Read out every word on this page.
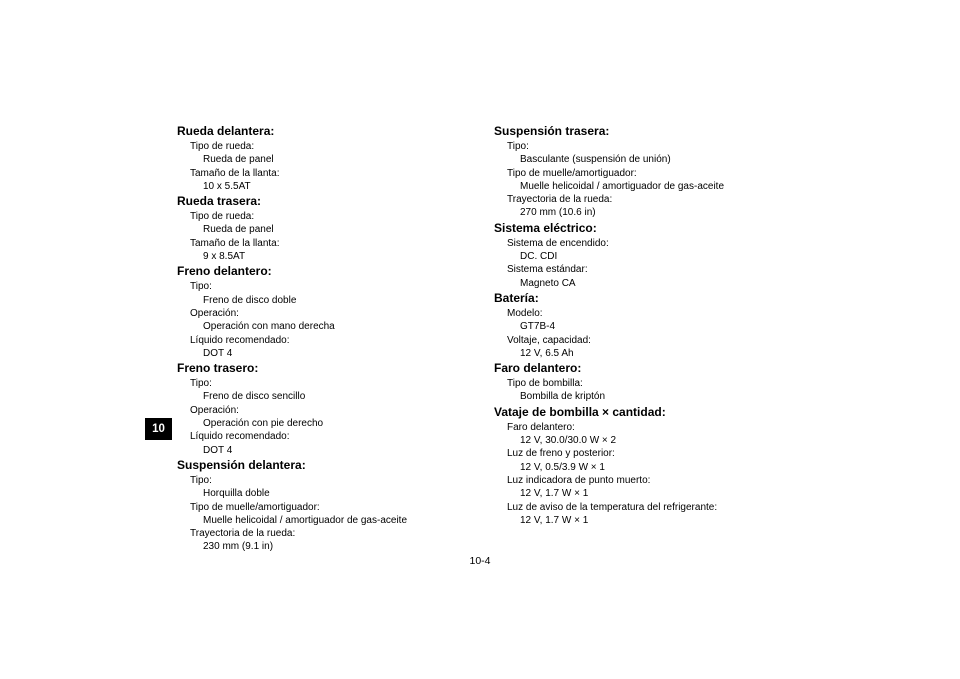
10
Rueda delantera:
Tipo de rueda:
Rueda de panel
Tamaño de la llanta:
10 x 5.5AT
Rueda trasera:
Tipo de rueda:
Rueda de panel
Tamaño de la llanta:
9 x 8.5AT
Freno delantero:
Tipo:
Freno de disco doble
Operación:
Operación con mano derecha
Líquido recomendado:
DOT 4
Freno trasero:
Tipo:
Freno de disco sencillo
Operación:
Operación con pie derecho
Líquido recomendado:
DOT 4
Suspensión delantera:
Tipo:
Horquilla doble
Tipo de muelle/amortiguador:
Muelle helicoidal / amortiguador de gas-aceite
Trayectoria de la rueda:
230 mm (9.1 in)
Suspensión trasera:
Tipo:
Basculante (suspensión de unión)
Tipo de muelle/amortiguador:
Muelle helicoidal / amortiguador de gas-aceite
Trayectoria de la rueda:
270 mm (10.6 in)
Sistema eléctrico:
Sistema de encendido:
DC. CDI
Sistema estándar:
Magneto CA
Batería:
Modelo:
GT7B-4
Voltaje, capacidad:
12 V, 6.5 Ah
Faro delantero:
Tipo de bombilla:
Bombilla de kriptón
Vataje de bombilla × cantidad:
Faro delantero:
12 V, 30.0/30.0 W × 2
Luz de freno y posterior:
12 V, 0.5/3.9 W × 1
Luz indicadora de punto muerto:
12 V, 1.7 W × 1
Luz de aviso de la temperatura del refrigerante:
12 V, 1.7 W × 1
10-4
